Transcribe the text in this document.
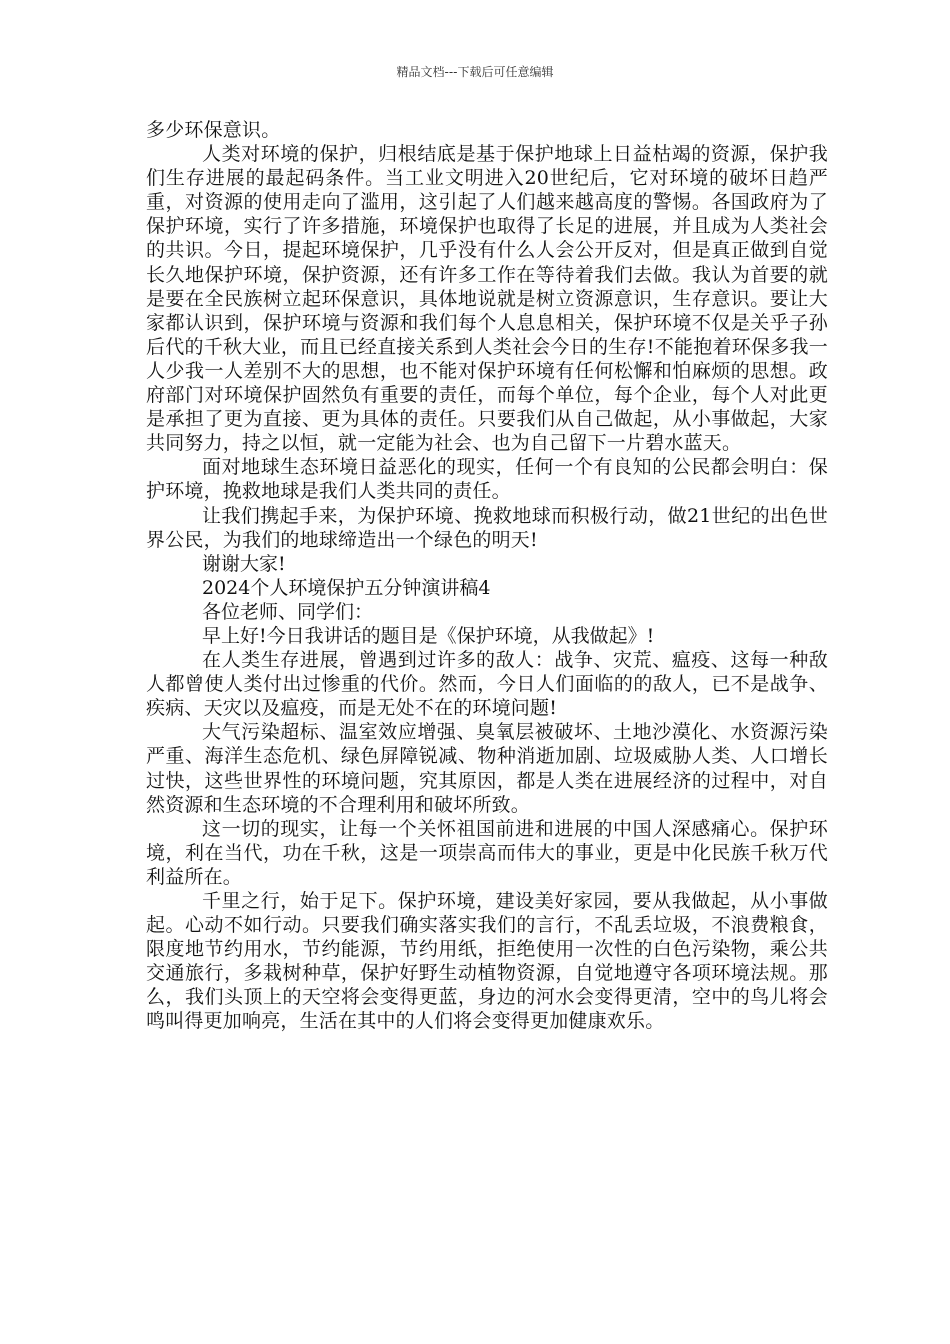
精品文档---下载后可任意编辑

多少环保意识。

人类对环境的保护，归根结底是基于保护地球上日益枯竭的资源，保护我们生存进展的最起码条件。当工业文明进入20世纪后，它对环境的破坏日趋严重，对资源的使用走向了滥用，这引起了人们越来越高度的警惕。各国政府为了保护环境，实行了许多措施，环境保护也取得了长足的进展，并且成为人类社会的共识。今日，提起环境保护，几乎没有什么人会公开反对，但是真正做到自觉长久地保护环境，保护资源，还有许多工作在等待着我们去做。我认为首要的就是要在全民族树立起环保意识，具体地说就是树立资源意识，生存意识。要让大家都认识到，保护环境与资源和我们每个人息息相关，保护环境不仅是关乎子孙后代的千秋大业，而且已经直接关系到人类社会今日的生存!不能抱着环保多我一人少我一人差别不大的思想，也不能对保护环境有任何松懈和怕麻烦的思想。政府部门对环境保护固然负有重要的责任，而每个单位，每个企业，每个人对此更是承担了更为直接、更为具体的责任。只要我们从自己做起，从小事做起，大家共同努力，持之以恒，就一定能为社会、也为自己留下一片碧水蓝天。

面对地球生态环境日益恶化的现实，任何一个有良知的公民都会明白：保护环境，挽救地球是我们人类共同的责任。

让我们携起手来，为保护环境、挽救地球而积极行动，做21世纪的出色世界公民，为我们的地球缔造出一个绿色的明天!

谢谢大家!

2024个人环境保护五分钟演讲稿4

各位老师、同学们：

早上好!今日我讲话的题目是《保护环境，从我做起》!

在人类生存进展，曾遇到过许多的敌人：战争、灾荒、瘟疫、这每一种敌人都曾使人类付出过惨重的代价。然而，今日人们面临的的敌人，已不是战争、疾病、天灾以及瘟疫，而是无处不在的环境问题!

大气污染超标、温室效应增强、臭氧层被破坏、土地沙漠化、水资源污染严重、海洋生态危机、绿色屏障锐减、物种消逝加剧、垃圾威胁人类、人口增长过快，这些世界性的环境问题，究其原因，都是人类在进展经济的过程中，对自然资源和生态环境的不合理利用和破坏所致。

这一切的现实，让每一个关怀祖国前进和进展的中国人深感痛心。保护环境，利在当代，功在千秋，这是一项崇高而伟大的事业，更是中化民族千秋万代利益所在。

千里之行，始于足下。保护环境，建设美好家园，要从我做起，从小事做起。心动不如行动。只要我们确实落实我们的言行，不乱丢垃圾，不浪费粮食，限度地节约用水，节约能源，节约用纸，拒绝使用一次性的白色污染物，乘公共交通旅行，多栽树种草，保护好野生动植物资源，自觉地遵守各项环境法规。那么，我们头顶上的天空将会变得更蓝，身边的河水会变得更清，空中的鸟儿将会鸣叫得更加响亮，生活在其中的人们将会变得更加健康欢乐。
